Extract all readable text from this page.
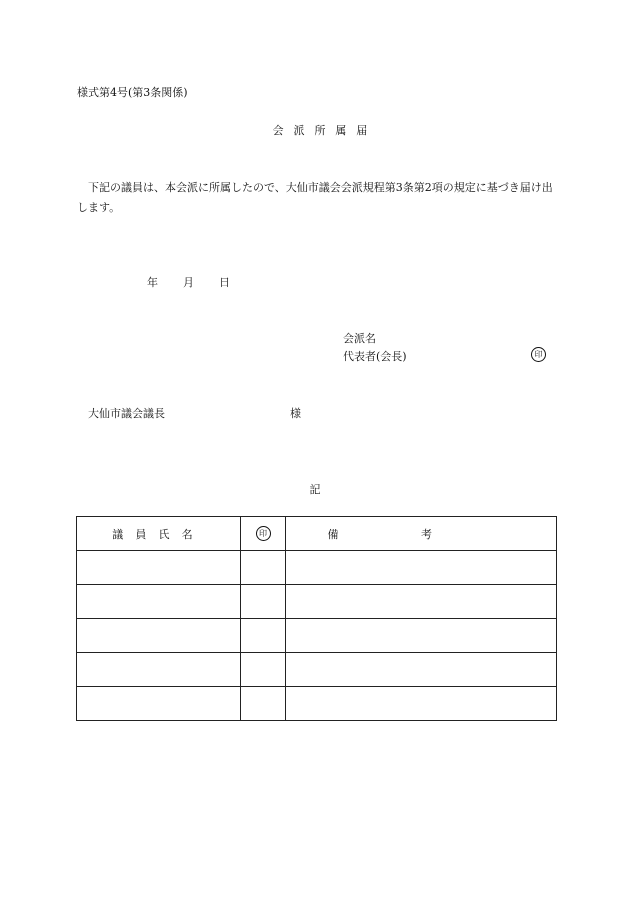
様式第4号(第3条関係)
会派所属届
下記の議員は、本会派に所属したので、大仙市議会会派規程第3条第2項の規定に基づき届け出します。
年 月 日
会派名
代表者(会長)	印
大仙市議会議長	様
記
議員氏名	印	備考
